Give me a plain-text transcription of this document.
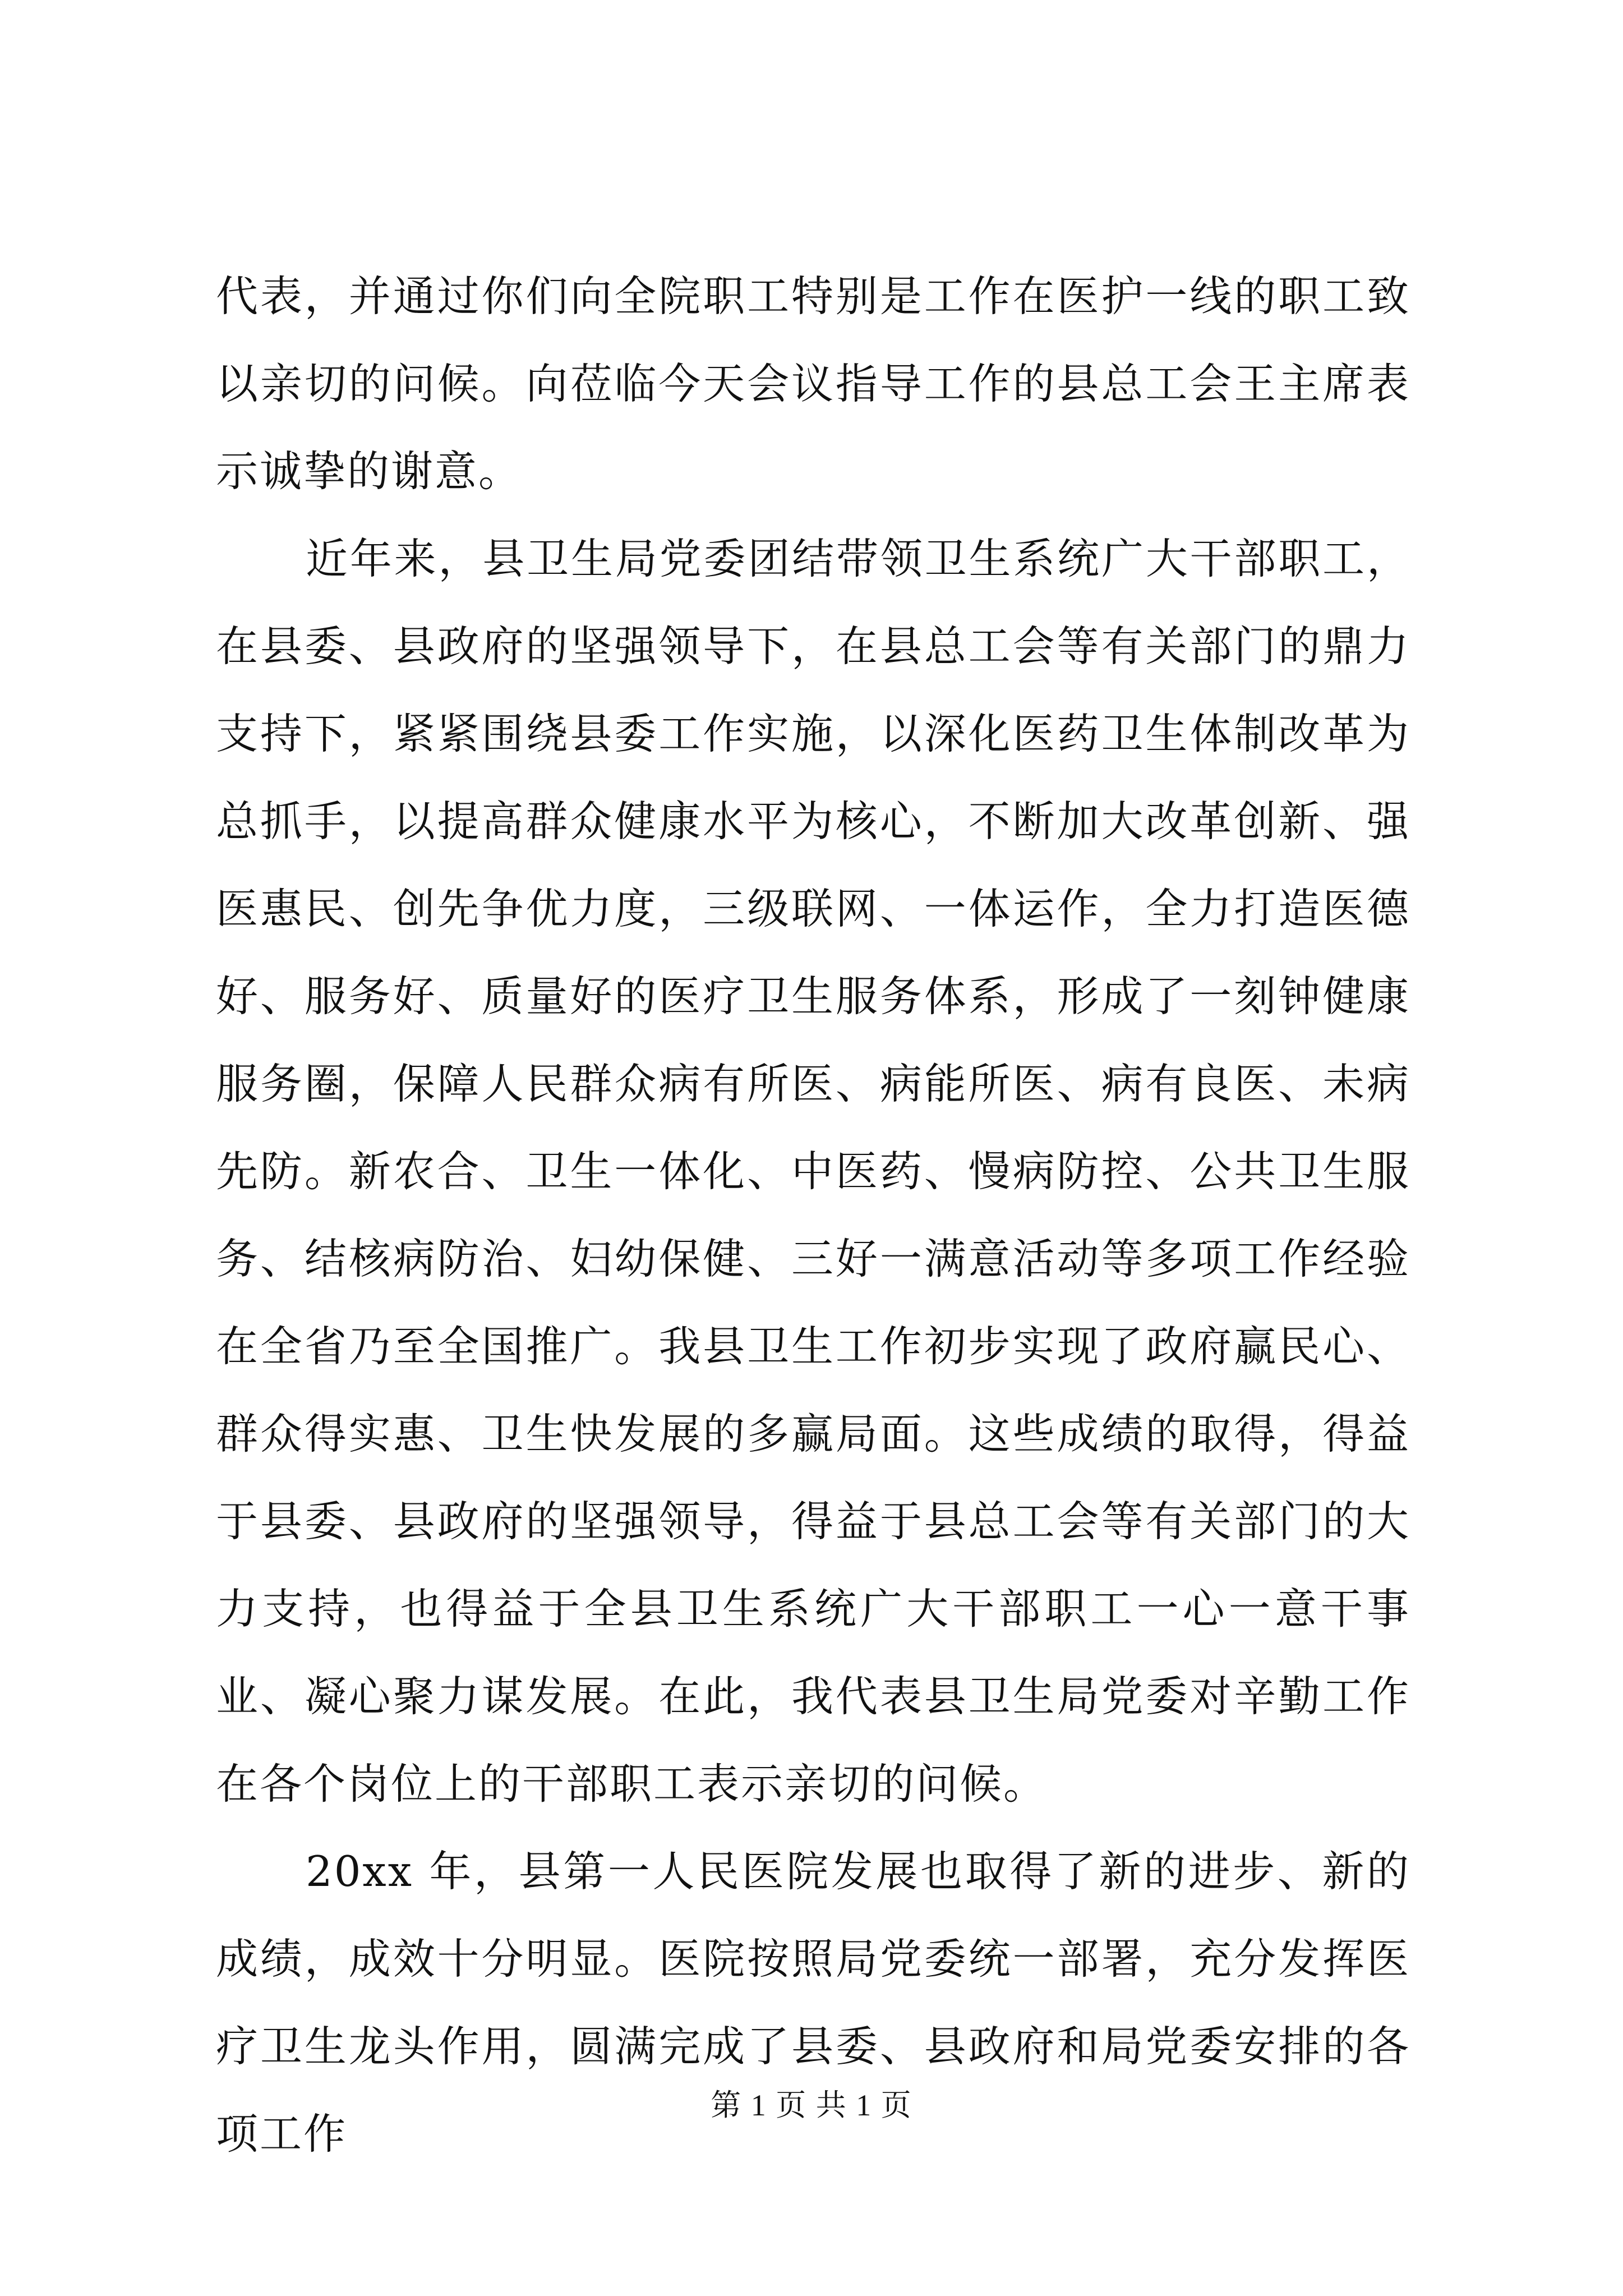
代表，并通过你们向全院职工特别是工作在医护一线的职工致以亲切的问候。向莅临今天会议指导工作的县总工会王主席表示诚挚的谢意。

近年来，县卫生局党委团结带领卫生系统广大干部职工，在县委、县政府的坚强领导下，在县总工会等有关部门的鼎力支持下，紧紧围绕县委工作实施，以深化医药卫生体制改革为总抓手，以提高群众健康水平为核心，不断加大改革创新、强医惠民、创先争优力度，三级联网、一体运作，全力打造医德好、服务好、质量好的医疗卫生服务体系，形成了一刻钟健康服务圈，保障人民群众病有所医、病能所医、病有良医、未病先防。新农合、卫生一体化、中医药、慢病防控、公共卫生服务、结核病防治、妇幼保健、三好一满意活动等多项工作经验在全省乃至全国推广。我县卫生工作初步实现了政府赢民心、群众得实惠、卫生快发展的多赢局面。这些成绩的取得，得益于县委、县政府的坚强领导，得益于县总工会等有关部门的大力支持，也得益于全县卫生系统广大干部职工一心一意干事业、凝心聚力谋发展。在此，我代表县卫生局党委对辛勤工作在各个岗位上的干部职工表示亲切的问候。

20xx 年，县第一人民医院发展也取得了新的进步、新的成绩，成效十分明显。医院按照局党委统一部署，充分发挥医疗卫生龙头作用，圆满完成了县委、县政府和局党委安排的各项工作

第 1 页 共 1 页
